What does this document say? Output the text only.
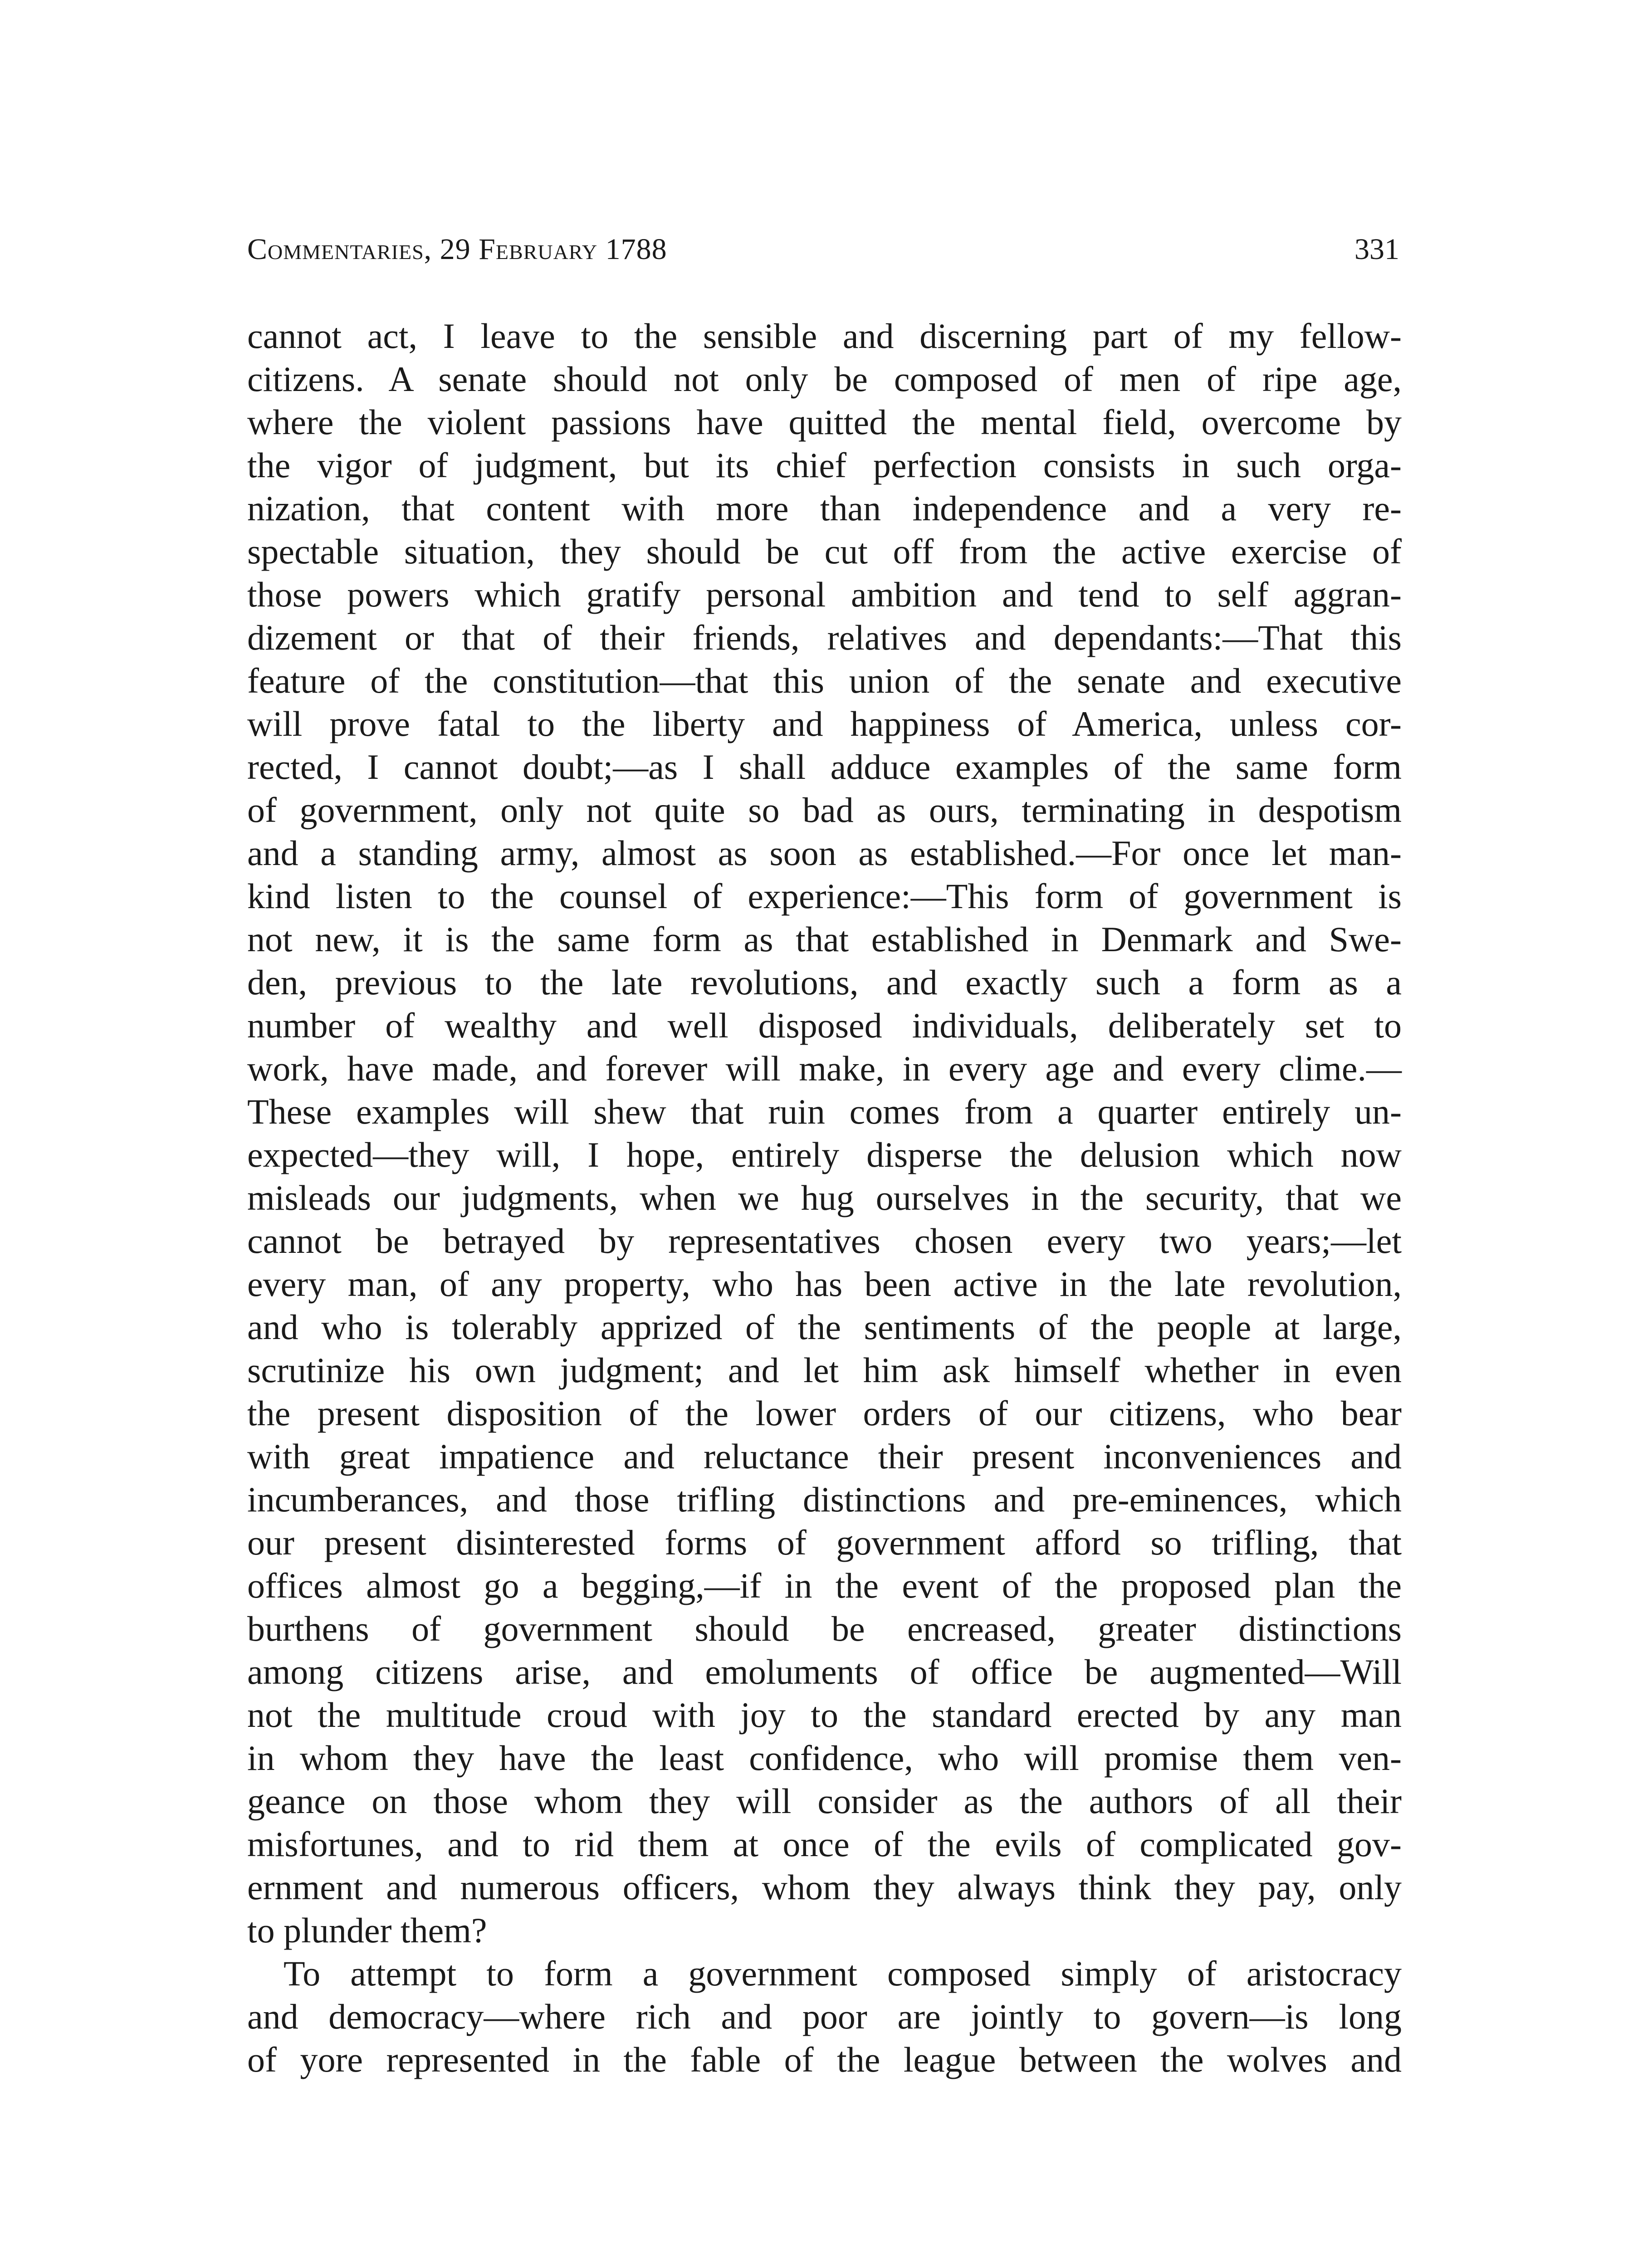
Commentaries, 29 February 1788	331
cannot act, I leave to the sensible and discerning part of my fellow-
citizens. A senate should not only be composed of men of ripe age,
where the violent passions have quitted the mental field, overcome by
the vigor of judgment, but its chief perfection consists in such orga-
nization, that content with more than independence and a very re-
spectable situation, they should be cut off from the active exercise of
those powers which gratify personal ambition and tend to self aggran-
dizement or that of their friends, relatives and dependants:—That this
feature of the constitution—that this union of the senate and executive
will prove fatal to the liberty and happiness of America, unless cor-
rected, I cannot doubt;—as I shall adduce examples of the same form
of government, only not quite so bad as ours, terminating in despotism
and a standing army, almost as soon as established.—For once let man-
kind listen to the counsel of experience:—This form of government is
not new, it is the same form as that established in Denmark and Swe-
den, previous to the late revolutions, and exactly such a form as a
number of wealthy and well disposed individuals, deliberately set to
work, have made, and forever will make, in every age and every clime.—
These examples will shew that ruin comes from a quarter entirely un-
expected—they will, I hope, entirely disperse the delusion which now
misleads our judgments, when we hug ourselves in the security, that we
cannot be betrayed by representatives chosen every two years;—let
every man, of any property, who has been active in the late revolution,
and who is tolerably apprized of the sentiments of the people at large,
scrutinize his own judgment; and let him ask himself whether in even
the present disposition of the lower orders of our citizens, who bear
with great impatience and reluctance their present inconveniences and
incumberances, and those trifling distinctions and pre-eminences, which
our present disinterested forms of government afford so trifling, that
offices almost go a begging,—if in the event of the proposed plan the
burthens of government should be encreased, greater distinctions
among citizens arise, and emoluments of office be augmented—Will
not the multitude croud with joy to the standard erected by any man
in whom they have the least confidence, who will promise them ven-
geance on those whom they will consider as the authors of all their
misfortunes, and to rid them at once of the evils of complicated gov-
ernment and numerous officers, whom they always think they pay, only
to plunder them?
To attempt to form a government composed simply of aristocracy
and democracy—where rich and poor are jointly to govern—is long
of yore represented in the fable of the league between the wolves and
